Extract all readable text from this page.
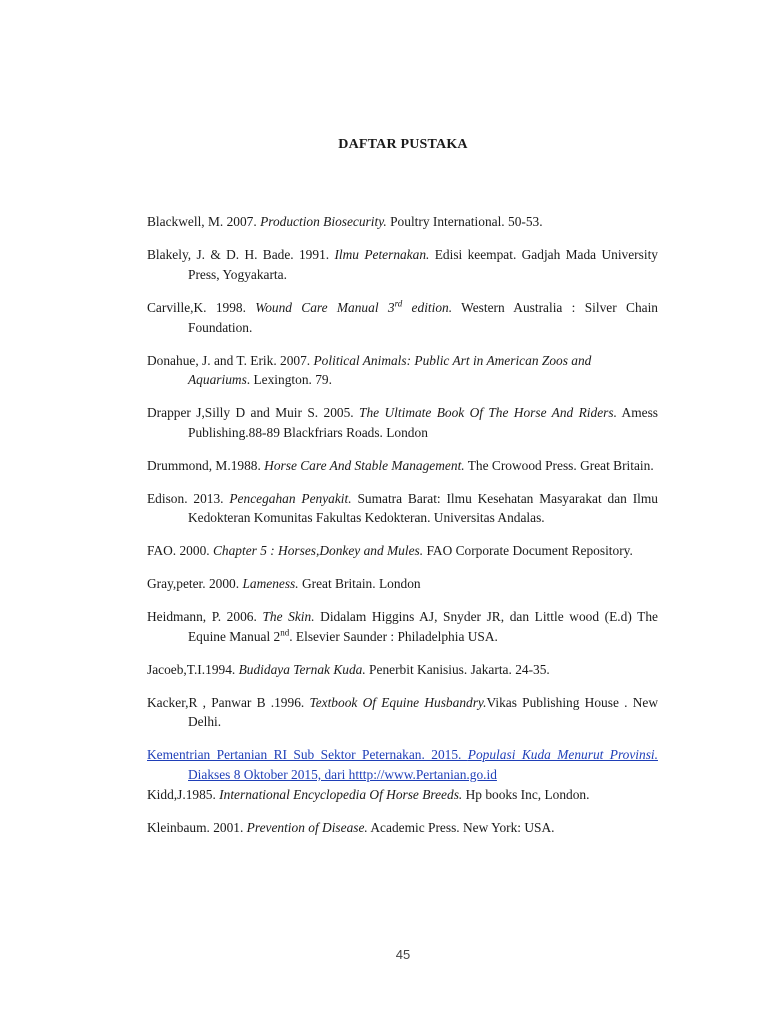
DAFTAR PUSTAKA

Blackwell, M. 2007. Production Biosecurity. Poultry International. 50-53.

Blakely, J. & D. H. Bade. 1991. Ilmu Peternakan. Edisi keempat. Gadjah Mada University Press, Yogyakarta.

Carville,K. 1998. Wound Care Manual 3rd edition. Western Australia : Silver Chain Foundation.

Donahue, J. and T. Erik. 2007. Political Animals: Public Art in American Zoos and
Aquariums. Lexington. 79.

Drapper J,Silly D and Muir S. 2005. The Ultimate Book Of The Horse And Riders. Amess Publishing.88-89 Blackfriars Roads. London

Drummond, M.1988. Horse Care And Stable Management. The Crowood Press. Great Britain.

Edison. 2013. Pencegahan Penyakit. Sumatra Barat: Ilmu Kesehatan Masyarakat dan Ilmu Kedokteran Komunitas Fakultas Kedokteran. Universitas Andalas.

FAO. 2000. Chapter 5 : Horses,Donkey and Mules. FAO Corporate Document Repository.

Gray,peter. 2000. Lameness. Great Britain. London

Heidmann, P. 2006. The Skin. Didalam Higgins AJ, Snyder JR, dan Little wood (E.d) The Equine Manual 2nd. Elsevier Saunder : Philadelphia USA.

Jacoeb,T.I.1994. Budidaya Ternak Kuda. Penerbit Kanisius. Jakarta. 24-35.

Kacker,R , Panwar B .1996. Textbook Of Equine Husbandry.Vikas Publishing House . New Delhi.

Kementrian Pertanian RI Sub Sektor Peternakan. 2015. Populasi Kuda Menurut Provinsi. Diakses 8 Oktober 2015, dari htttp://www.Pertanian.go.id

Kidd,J.1985. International Encyclopedia Of Horse Breeds. Hp books Inc, London.

Kleinbaum. 2001. Prevention of Disease. Academic Press. New York: USA.

45
